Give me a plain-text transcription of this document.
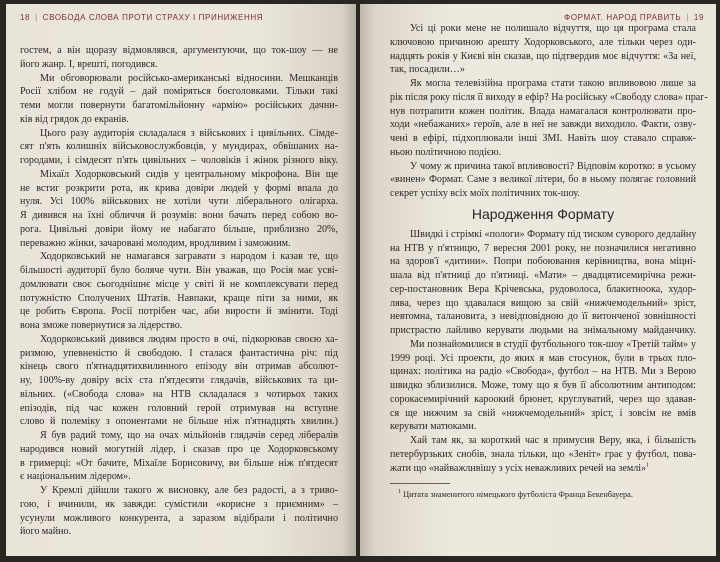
18 | СВОБОДА СЛОВА ПРОТИ СТРАХУ І ПРИНИЖЕННЯ
гостем, а він щоразу відмовлявся, аргументуючи, що ток-шоу — не
його жанр. І, врешті, погодився.
Ми обговорювали російсько-американські відносини. Мешканців
Росії хлібом не годуй – дай поміряться боєголовками. Тільки такі
теми могли повернути багатомільйонну «армію» російських дачни-
ків від грядок до екранів.
Цього разу аудиторія складалася з військових і цивільних. Сімде-
сят п'ять колишніх військовослужбовців, у мундирах, обвішаних на-
городами, і сімдесят п'ять цивільних – чоловіків і жінок різного віку.
Міхаїл Ходорковський сидів у центральному мікрофона. Він ще
не встиг розкрити рота, як крива довіри людей у формі впала до
нуля. Усі 100% військових не хотіли чути ліберального олігарха.
Я дивився на їхні обличчя й розумів: вони бачать перед собою во-
рога. Цивільні довіри йому не набагато більше, приблизно 20%,
переважно жінки, зачаровані молодим, вродливим і заможним.
Ходорковський не намагався загравати з народом і казав те, що
більшості аудиторії було боляче чути. Він уважав, що Росія має усві-
домлювати своє сьогоднішнє місце у світі й не комплексувати перед
потужністю Сполучених Штатів. Навпаки, краще піти за ними, як
це робить Європа. Росії потрібен час, аби вирости й змінити. Тоді
вона зможе повернутися за лідерство.
Ходорковський дивився людям просто в очі, підкорював своєю ха-
ризмою, упевненістю й свободою. І сталася фантастична річ: під
кінець свого п'ятнадцятихвилинного епізоду він отримав абсолют-
ну, 100%-ву довіру всіх ста п'ятдесяти глядачів, військових та ци-
вільних. («Свобода слова» на НТВ складалася з чотирьох таких
епізодів, під час кожен головний герой отримував на вступне
слово й полеміку з опонентами не більше ніж п'ятнадцять хвилин.)
Я був радий тому, що на очах мільйонів глядачів серед лібералів
народився новий могутній лідер, і сказав про це Ходорковському
в гримерці: «От бачите, Міхаїле Борисовичу, ви більше ніж п'ятдесят
є національним лідером».
У Кремлі дійшли такого ж висновку, але без радості, а з триво-
гою, і вчинили, як завжди: сумістили «корисне з приємним» –
усунули можливого конкурента, а заразом відібрали і політично
його майно.
ФОРМАТ. НАРОД ПРАВИТЬ | 19
Усі ці роки мене не полишало відчуття, що ця програма стала
ключовою причиною арешту Ходорковського, але тільки через оди-
надцять років у Києві він сказав, що підтвердив моє відчуття: «За неї,
так, посадили…»
Як могла телевізійна програма стати такою впливовою лише за
рік після року після її виходу в ефір? На російську «Свободу слова» праг-
нув потрапити кожен політик. Влада намагалася контролювати про-
ходи «небажаних» героїв, але в неї не завжди виходило. Факти, озву-
чені в ефірі, підхоплювали інші ЗМІ. Навіть шоу ставало справж-
ньою політичною подією.
У чому ж причина такої впливовості? Відповім коротко: в усьому
«винен» Формат. Саме з великої літери, бо в ньому полягає головний
секрет успіху всіх моїх політичних ток-шоу.
Народження Формату
Швидкі і стрімкі «пологи» Формату під тиском суворого дедлайну
на НТВ у п'ятницю, 7 вересня 2001 року, не позначилися негативно
на здоров'ї «дитини». Попри побоювання керівництва, вона міцні-
шала від п'ятниці до п'ятниці. «Мати» – двадцятисемирічна режи-
сер-постановник Вера Крічевська, рудоволоса, блакитноока, худор-
лява, через що здавалася вищою за свій «нижчемодельний» зріст,
невтомна, талановита, з невідповідною до її витонченої зовнішності
пристрастю лайливо керувати людьми на знімальному майданчику.
Ми познайомилися в студії футбольного ток-шоу «Третій тайм» у
1999 році. Усі проекти, до яких я мав стосунок, були в трьох пло-
щинах: політика на радіо «Свобода», футбол – на НТВ. Ми з Верою
швидко зблизилися. Може, тому що я був її абсолютним антиподом:
сорокасемирічний кароокий брюнет, круглуватий, через що здавав-
ся ще нижчим за свій «нижчемодельний» зріст, і зовсім не вмів
керувати матюками.
Хай там як, за короткий час я примусив Веру, яка, і більшість
петербурзьких снобів, знала тільки, що «Зеніт» грає у футбол, пова-
жати що «найважливішу з усіх неважливих речей на землі»$^1$
$^1$ Цитата знаменитого німецького футболіста Франца Бекенбауера.
